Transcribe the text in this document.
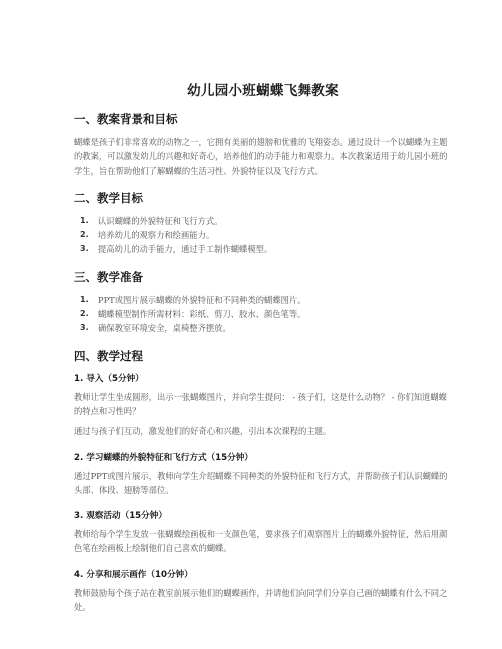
幼儿园小班蝴蝶飞舞教案
一、教案背景和目标
蝴蝶是孩子们非常喜欢的动物之一，它拥有美丽的翅膀和优雅的飞翔姿态。通过设计一个以蝴蝶为主题的教案，可以激发幼儿的兴趣和好奇心，培养他们的动手能力和观察力。本次教案适用于幼儿园小班的学生，旨在帮助他们了解蝴蝶的生活习性、外貌特征以及飞行方式。
二、教学目标
1. 认识蝴蝶的外貌特征和飞行方式。
2. 培养幼儿的观察力和绘画能力。
3. 提高幼儿的动手能力，通过手工制作蝴蝶模型。
三、教学准备
1. PPT或图片展示蝴蝶的外貌特征和不同种类的蝴蝶图片。
2. 蝴蝶模型制作所需材料：彩纸、剪刀、胶水、颜色笔等。
3. 确保教室环境安全，桌椅整齐摆放。
四、教学过程
1. 导入（5分钟）
教师让学生坐成圆形，出示一张蝴蝶图片，并向学生提问： - 孩子们，这是什么动物？ - 你们知道蝴蝶的特点和习性吗？
通过与孩子们互动，激发他们的好奇心和兴趣，引出本次课程的主题。
2. 学习蝴蝶的外貌特征和飞行方式（15分钟）
通过PPT或图片展示，教师向学生介绍蝴蝶不同种类的外貌特征和飞行方式，并帮助孩子们认识蝴蝶的头部、体段、翅膀等部位。
3. 观察活动（15分钟）
教师给每个学生发放一张蝴蝶绘画板和一支颜色笔，要求孩子们观察图片上的蝴蝶外貌特征，然后用颜色笔在绘画板上绘制他们自己喜欢的蝴蝶。
4. 分享和展示画作（10分钟）
教师鼓励每个孩子站在教室前展示他们的蝴蝶画作，并请他们向同学们分享自己画的蝴蝶有什么不同之处。
